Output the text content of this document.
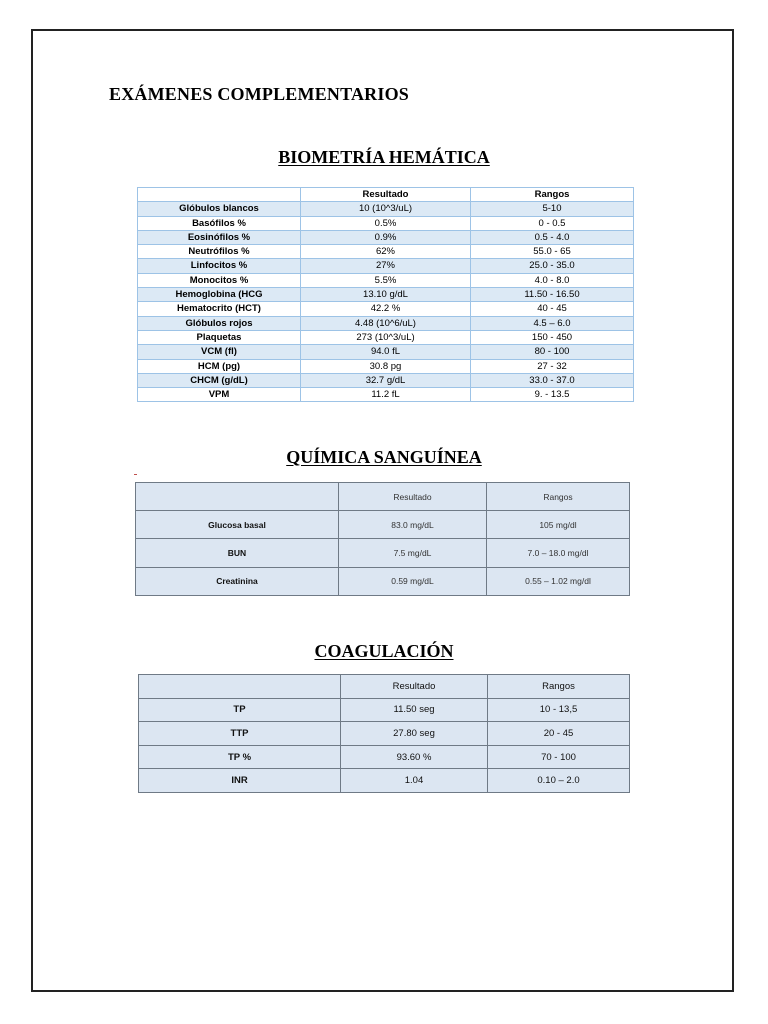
EXÁMENES COMPLEMENTARIOS
BIOMETRÍA HEMÁTICA
	Resultado	Rangos
Glóbulos blancos	10 (10^3/uL)	5-10
Basófilos %	0.5%	0 - 0.5
Eosinófilos %	0.9%	0.5 - 4.0
Neutrófilos %	62%	55.0 - 65
Linfocitos %	27%	25.0 - 35.0
Monocitos %	5.5%	4.0 - 8.0
Hemoglobina (HCG	13.10 g/dL	11.50 - 16.50
Hematocrito (HCT)	42.2 %	40 - 45
Glóbulos rojos	4.48 (10^6/uL)	4.5 – 6.0
Plaquetas	273 (10^3/uL)	150 - 450
VCM (fl)	94.0 fL	80 - 100
HCM (pg)	30.8 pg	27 - 32
CHCM (g/dL)	32.7 g/dL	33.0 - 37.0
VPM	11.2 fL	9. - 13.5
QUÍMICA SANGUÍNEA
	Resultado	Rangos
Glucosa basal	83.0 mg/dL	105 mg/dl
BUN	7.5 mg/dL	7.0 – 18.0 mg/dl
Creatinina	0.59 mg/dL	0.55 – 1.02 mg/dl
COAGULACIÓN
	Resultado	Rangos
TP	11.50 seg	10 - 13,5
TTP	27.80 seg	20 - 45
TP %	93.60 %	70 - 100
INR	1.04	0.10 – 2.0
